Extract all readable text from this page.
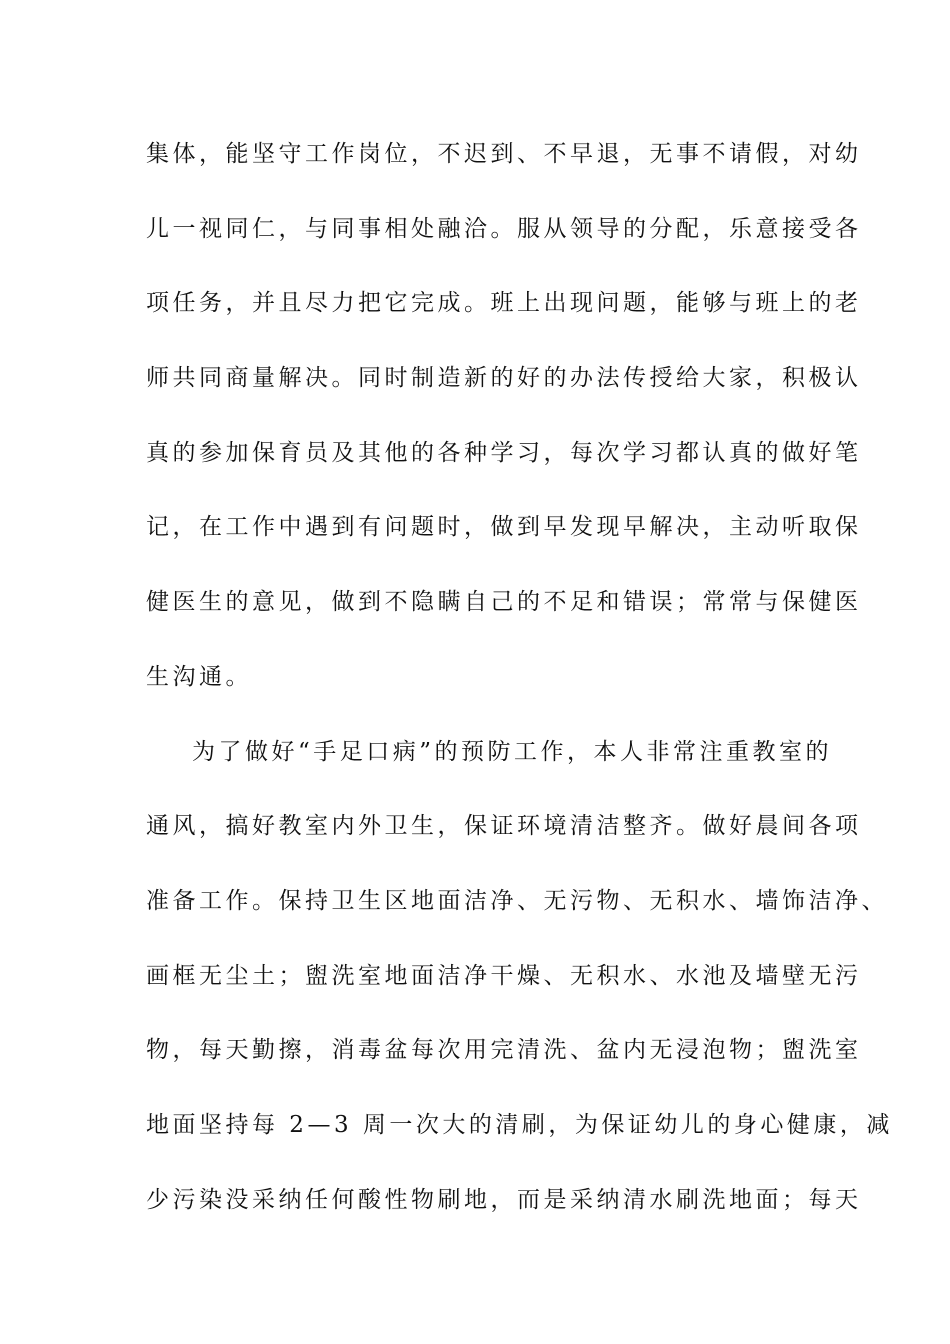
集体，能坚守工作岗位，不迟到、不早退，无事不请假，对幼
儿一视同仁，与同事相处融洽。服从领导的分配，乐意接受各
项任务，并且尽力把它完成。班上出现问题，能够与班上的老
师共同商量解决。同时制造新的好的办法传授给大家，积极认
真的参加保育员及其他的各种学习，每次学习都认真的做好笔
记，在工作中遇到有问题时，做到早发现早解决，主动听取保
健医生的意见，做到不隐瞒自己的不足和错误；常常与保健医
生沟通。
为了做好“手足口病”的预防工作，本人非常注重教室的
通风，搞好教室内外卫生，保证环境清洁整齐。做好晨间各项
准备工作。保持卫生区地面洁净、无污物、无积水、墙饰洁净、
画框无尘土；盥洗室地面洁净干燥、无积水、水池及墙壁无污
物，每天勤擦，消毒盆每次用完清洗、盆内无浸泡物；盥洗室
地面坚持每 2—3 周一次大的清刷，为保证幼儿的身心健康，减
少污染没采纳任何酸性物刷地，而是采纳清水刷洗地面；每天
